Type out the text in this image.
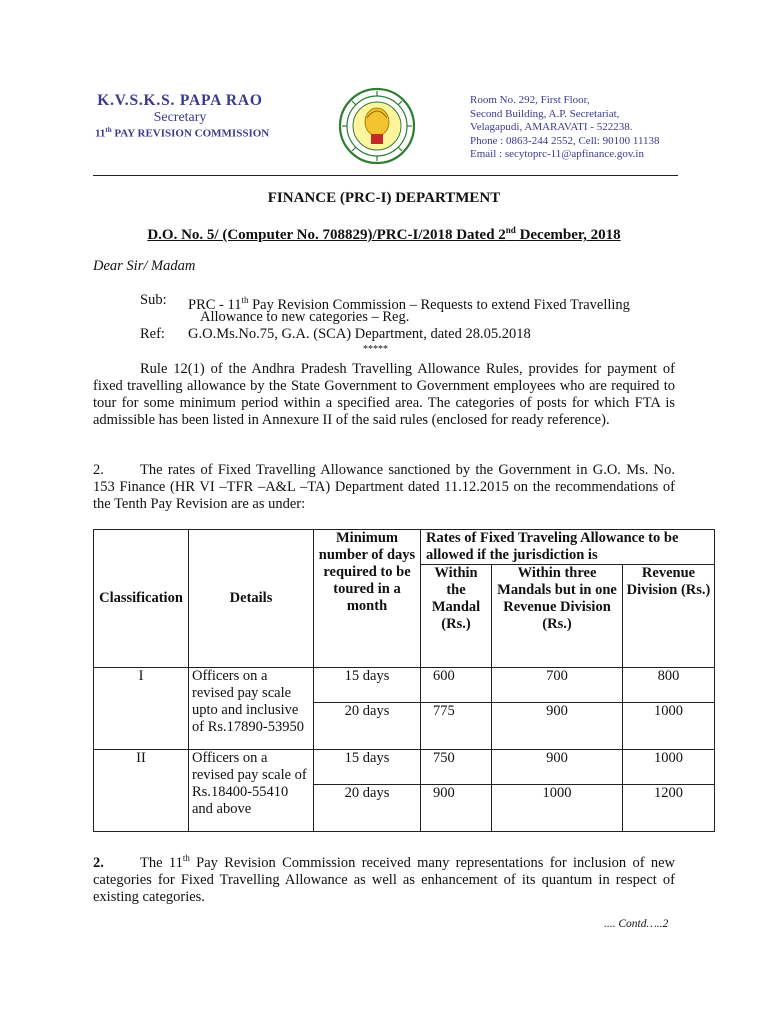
K.V.S.K.S. PAPA RAO
Secretary
11th PAY REVISION COMMISSION
Room No. 292, First Floor,
Second Building, A.P. Secretariat,
Velagapudi, AMARAVATI - 522238.
Phone : 0863-244 2552, Cell: 90100 11138
Email : secytoprc-11@apfinance.gov.in
FINANCE (PRC-I) DEPARTMENT
D.O. No. 5/ (Computer No. 708829)/PRC-I/2018 Dated 2nd December, 2018
Dear Sir/ Madam
Sub: PRC - 11th Pay Revision Commission – Requests to extend Fixed Travelling
Allowance to new categories – Reg.
Ref: G.O.Ms.No.75, G.A. (SCA) Department, dated 28.05.2018
*****
Rule 12(1) of the Andhra Pradesh Travelling Allowance Rules, provides for payment of fixed travelling allowance by the State Government to Government employees who are required to tour for some minimum period within a specified area. The categories of posts for which FTA is admissible has been listed in Annexure II of the said rules (enclosed for ready reference).
2. The rates of Fixed Travelling Allowance sanctioned by the Government in G.O. Ms. No. 153 Finance (HR VI –TFR –A&L –TA) Department dated 11.12.2015 on the recommendations of the Tenth Pay Revision are as under:
Classification	Details	Minimum number of days required to be toured in a month	Rates of Fixed Traveling Allowance to be allowed if the jurisdiction is		
			Within the Mandal (Rs.)	Within three Mandals but in one Revenue Division (Rs.)	Revenue Division (Rs.)
I	Officers on a revised pay scale upto and inclusive of Rs.17890-53950	15 days	600	700	800
		20 days	775	900	1000
II	Officers on a revised pay scale of Rs.18400-55410 and above	15 days	750	900	1000
		20 days	900	1000	1200
2. The 11th Pay Revision Commission received many representations for inclusion of new categories for Fixed Travelling Allowance as well as enhancement of its quantum in respect of existing categories.
.... Contd…..2
